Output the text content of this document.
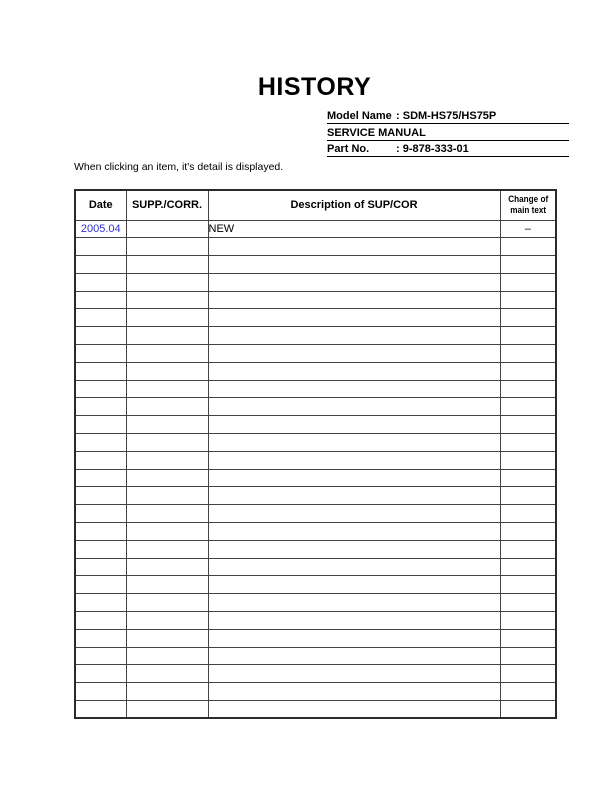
HISTORY
Model Name : SDM-HS75/HS75P
SERVICE MANUAL
Part No.	: 9-878-333-01
When clicking an item, it's detail is displayed.
Date	SUPP./CORR.	Description of SUP/COR	Change of
main text
2005.04		NEW	–
